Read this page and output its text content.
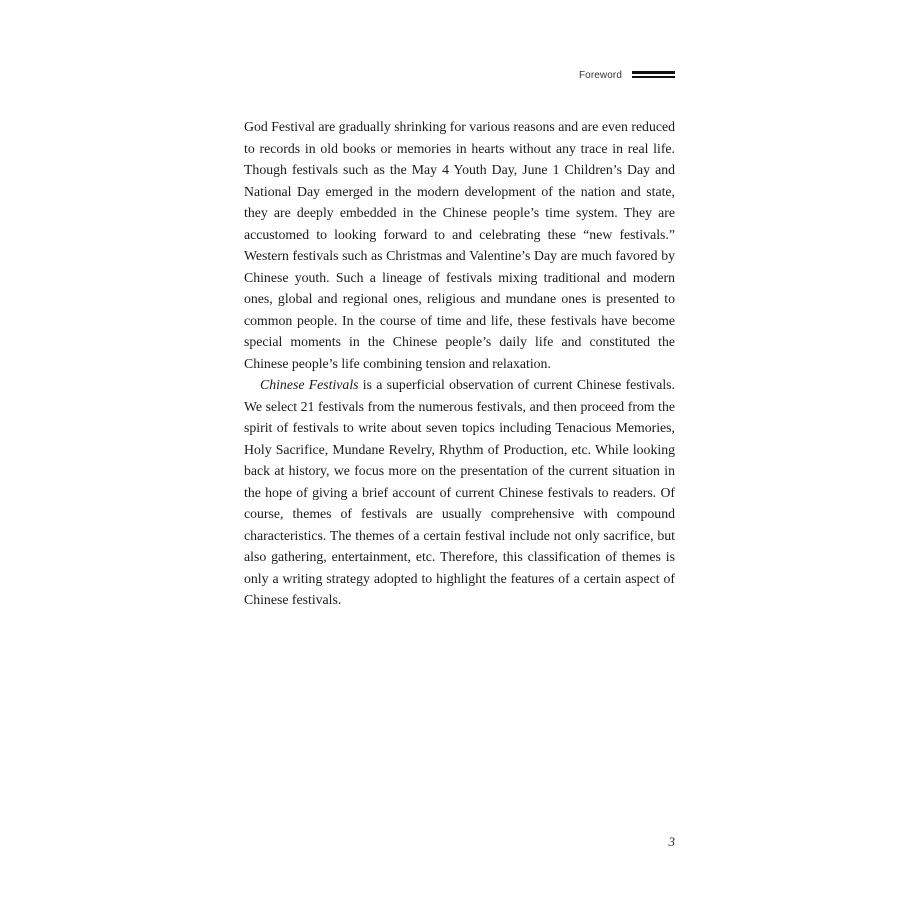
Foreword

God Festival are gradually shrinking for various reasons and are even reduced to records in old books or memories in hearts without any trace in real life. Though festivals such as the May 4 Youth Day, June 1 Children’s Day and National Day emerged in the modern development of the nation and state, they are deeply embedded in the Chinese people’s time system. They are accustomed to looking forward to and celebrating these “new festivals.” Western festivals such as Christmas and Valentine’s Day are much favored by Chinese youth. Such a lineage of festivals mixing traditional and modern ones, global and regional ones, religious and mundane ones is presented to common people. In the course of time and life, these festivals have become special moments in the Chinese people’s daily life and constituted the Chinese people’s life combining tension and relaxation.

Chinese Festivals is a superficial observation of current Chinese festivals. We select 21 festivals from the numerous festivals, and then proceed from the spirit of festivals to write about seven topics including Tenacious Memories, Holy Sacrifice, Mundane Revelry, Rhythm of Production, etc. While looking back at history, we focus more on the presentation of the current situation in the hope of giving a brief account of current Chinese festivals to readers. Of course, themes of festivals are usually comprehensive with compound characteristics. The themes of a certain festival include not only sacrifice, but also gathering, entertainment, etc. Therefore, this classification of themes is only a writing strategy adopted to highlight the features of a certain aspect of Chinese festivals.

3
